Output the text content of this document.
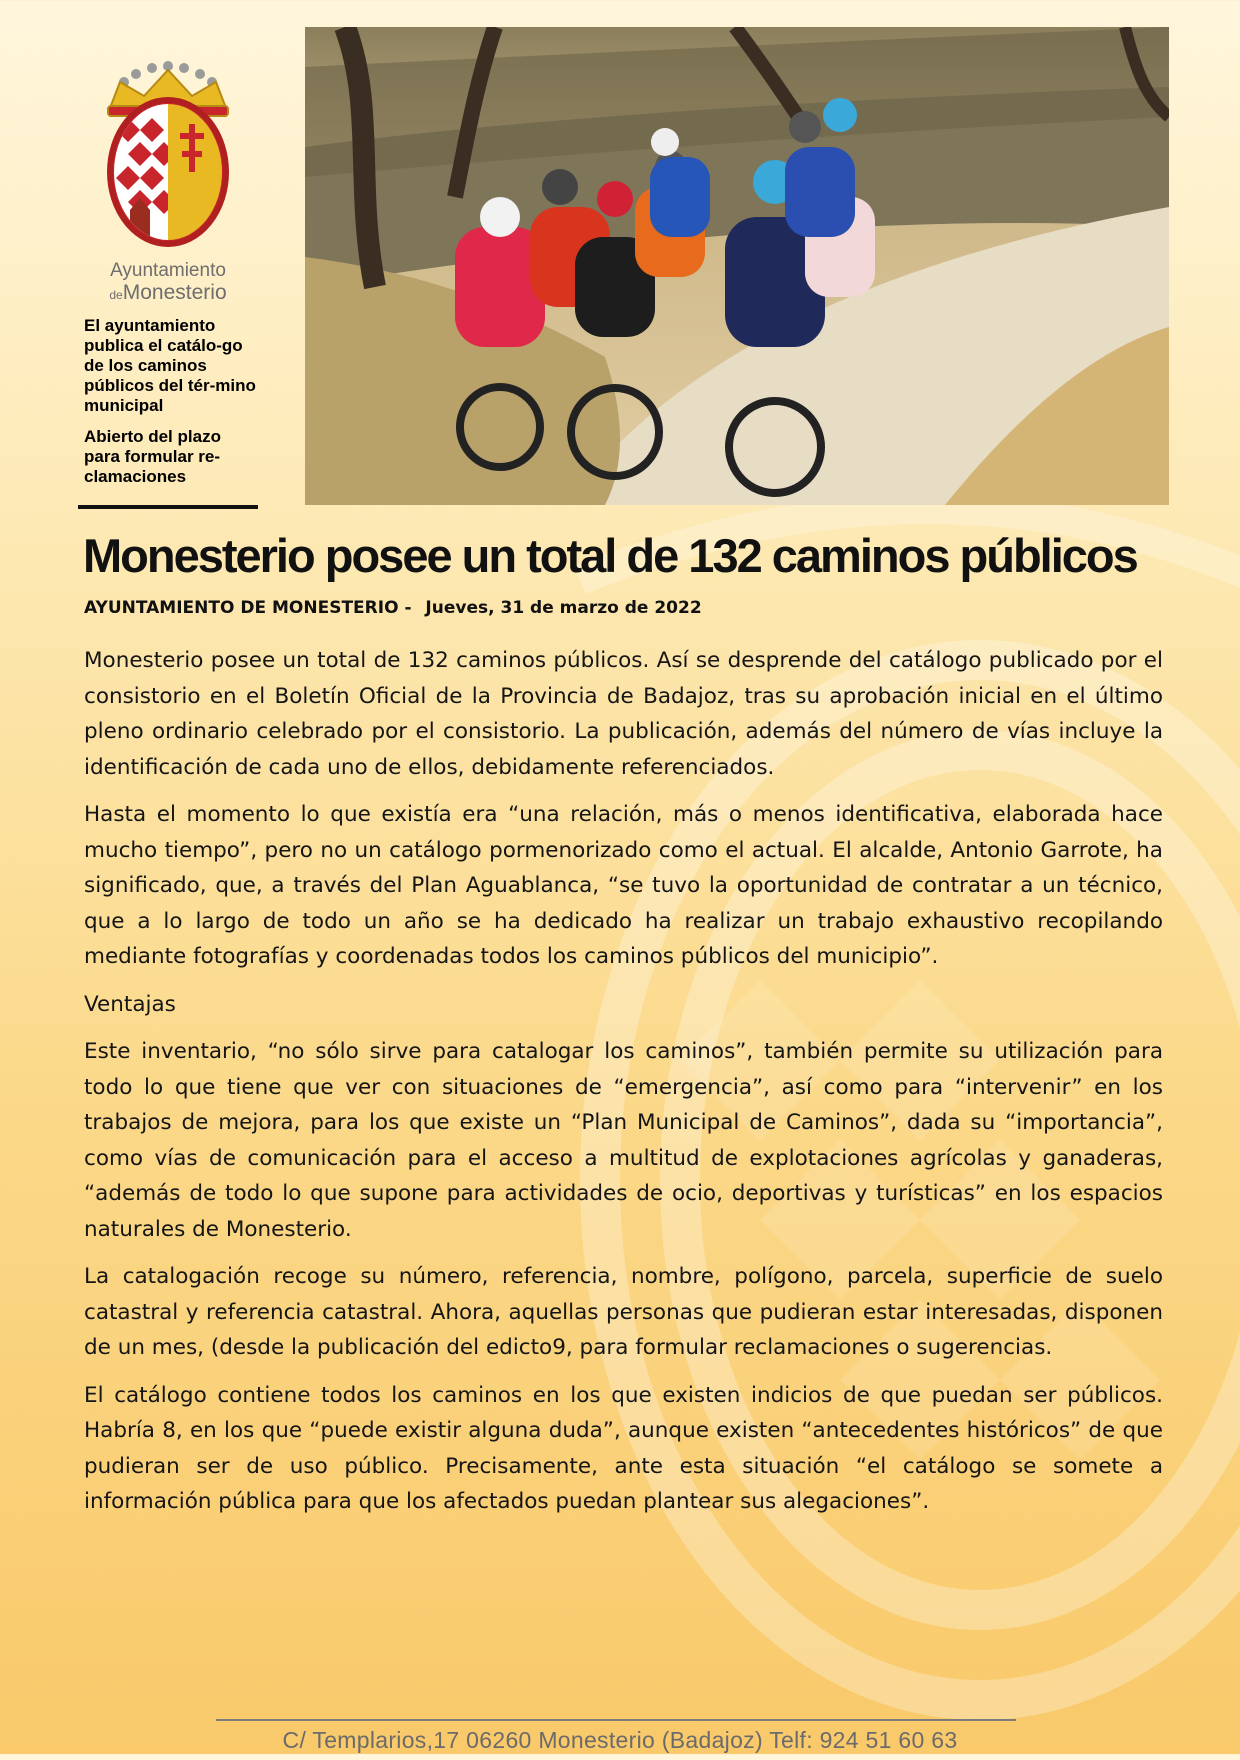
Ayuntamiento
deMonesterio

El ayuntamiento publica el catálo-go de los caminos públicos del tér-mino municipal

Abierto del plazo para formular re-clamaciones

Monesterio posee un total de 132 caminos públicos
AYUNTAMIENTO DE MONESTERIO - Jueves, 31 de marzo de 2022

Monesterio posee un total de 132 caminos públicos. Así se desprende del catálogo publicado por el consistorio en el Boletín Oficial de la Provincia de Badajoz, tras su aprobación inicial en el último pleno ordinario celebrado por el consistorio. La publicación, además del número de vías incluye la identificación de cada uno de ellos, debidamente referenciados.

Hasta el momento lo que existía era “una relación, más o menos identificativa, elaborada hace mucho tiempo”, pero no un catálogo pormenorizado como el actual. El alcalde, Antonio Garrote, ha significado, que, a través del Plan Aguablanca, “se tuvo la oportunidad de contratar a un técnico, que a lo largo de todo un año se ha dedicado ha realizar un trabajo exhaustivo recopilando mediante fotografías y coordenadas todos los caminos públicos del municipio”.

Ventajas

Este inventario, “no sólo sirve para catalogar los caminos”, también permite su utilización para todo lo que tiene que ver con situaciones de “emergencia”, así como para “intervenir” en los trabajos de mejora, para los que existe un “Plan Municipal de Caminos”, dada su “importancia”, como vías de comunicación para el acceso a multitud de explotaciones agrícolas y ganaderas, “además de todo lo que supone para actividades de ocio, deportivas y turísticas” en los espacios naturales de Monesterio.

La catalogación recoge su número, referencia, nombre, polígono, parcela, superficie de suelo catastral y referencia catastral. Ahora, aquellas personas que pudieran estar interesadas, disponen de un mes, (desde la publicación del edicto9, para formular reclamaciones o sugerencias.

El catálogo contiene todos los caminos en los que existen indicios de que puedan ser públicos. Habría 8, en los que “puede existir alguna duda”, aunque existen “antecedentes históricos” de que pudieran ser de uso público. Precisamente, ante esta situación “el catálogo se somete a información pública para que los afectados puedan plantear sus alegaciones”.

C/ Templarios,17 06260 Monesterio (Badajoz) Telf: 924 51 60 63
